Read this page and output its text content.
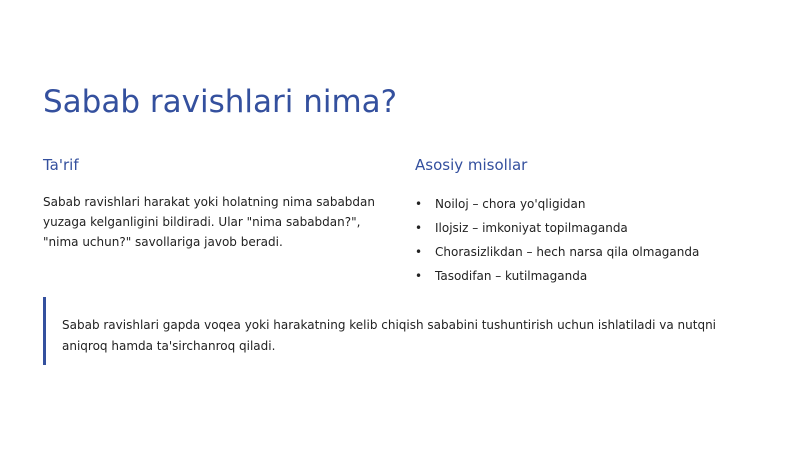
Sabab ravishlari nima?
Ta'rif

Sabab ravishlari harakat yoki holatning nima sababdan yuzaga kelganligini bildiradi. Ular "nima sababdan?", "nima uchun?" savollariga javob beradi.

Asosiy misollar
• Noiloj – chora yo'qligidan
• Ilojsiz – imkoniyat topilmaganda
• Chorasizlikdan – hech narsa qila olmaganda
• Tasodifan – kutilmaganda

Sabab ravishlari gapda voqea yoki harakatning kelib chiqish sababini tushuntirish uchun ishlatiladi va nutqni aniqroq hamda ta'sirchanroq qiladi.
